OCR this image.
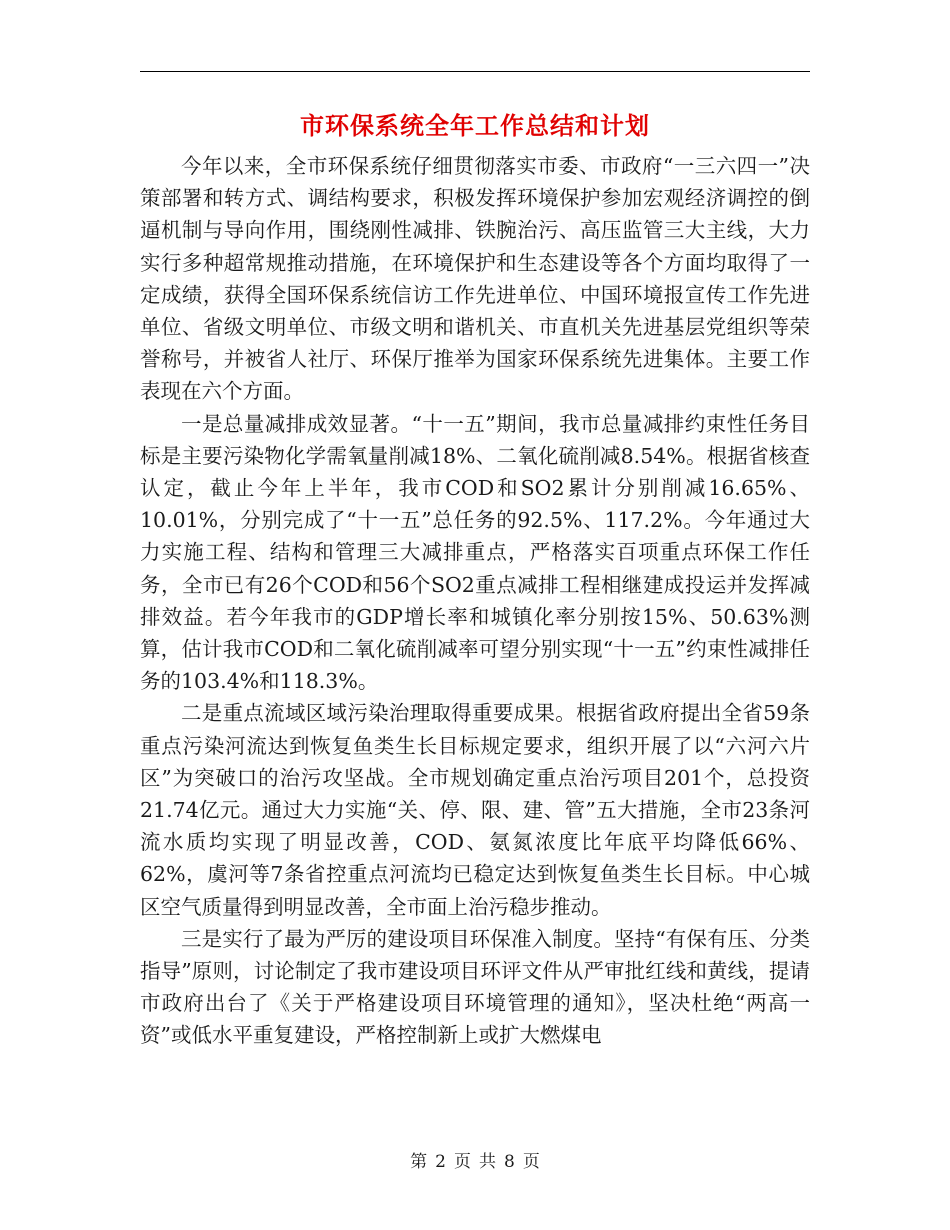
市环保系统全年工作总结和计划

今年以来，全市环保系统仔细贯彻落实市委、市政府“一三六四一”决策部署和转方式、调结构要求，积极发挥环境保护参加宏观经济调控的倒逼机制与导向作用，围绕刚性减排、铁腕治污、高压监管三大主线，大力实行多种超常规推动措施，在环境保护和生态建设等各个方面均取得了一定成绩，获得全国环保系统信访工作先进单位、中国环境报宣传工作先进单位、省级文明单位、市级文明和谐机关、市直机关先进基层党组织等荣誉称号，并被省人社厅、环保厅推举为国家环保系统先进集体。主要工作表现在六个方面。

一是总量减排成效显著。“十一五”期间，我市总量减排约束性任务目标是主要污染物化学需氧量削减18%、二氧化硫削减8.54%。根据省核查认定，截止今年上半年，我市COD和SO2累计分别削减16.65%、10.01%，分别完成了“十一五”总任务的92.5%、117.2%。今年通过大力实施工程、结构和管理三大减排重点，严格落实百项重点环保工作任务，全市已有26个COD和56个SO2重点减排工程相继建成投运并发挥减排效益。若今年我市的GDP增长率和城镇化率分别按15%、50.63%测算，估计我市COD和二氧化硫削减率可望分别实现“十一五”约束性减排任务的103.4%和118.3%。

二是重点流域区域污染治理取得重要成果。根据省政府提出全省59条重点污染河流达到恢复鱼类生长目标规定要求，组织开展了以“六河六片区”为突破口的治污攻坚战。全市规划确定重点治污项目201个，总投资21.74亿元。通过大力实施“关、停、限、建、管”五大措施，全市23条河流水质均实现了明显改善，COD、氨氮浓度比年底平均降低66%、62%，虞河等7条省控重点河流均已稳定达到恢复鱼类生长目标。中心城区空气质量得到明显改善，全市面上治污稳步推动。

三是实行了最为严厉的建设项目环保准入制度。坚持“有保有压、分类指导”原则，讨论制定了我市建设项目环评文件从严审批红线和黄线，提请市政府出台了《关于严格建设项目环境管理的通知》，坚决杜绝“两高一资”或低水平重复建设，严格控制新上或扩大燃煤电

第 2 页 共 8 页
